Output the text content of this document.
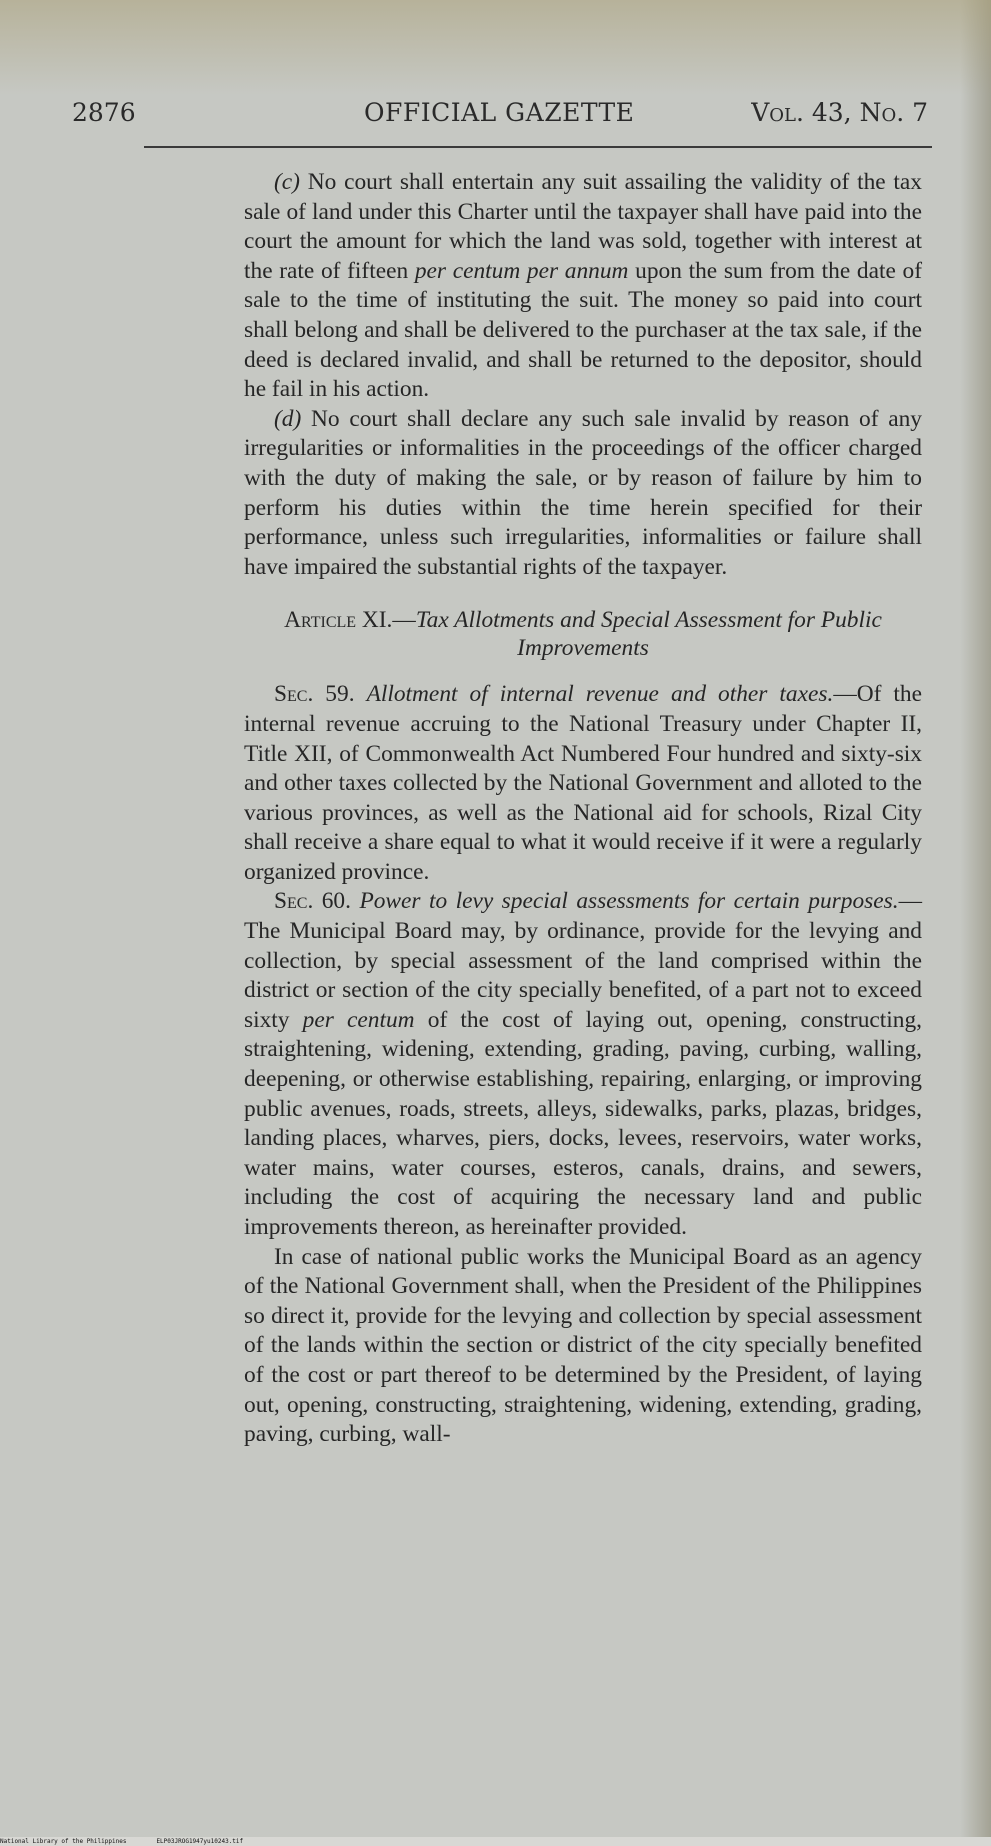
2876	OFFICIAL GAZETTE	Vol. 43, No. 7

(c) No court shall entertain any suit assailing the validity of the tax sale of land under this Charter until the taxpayer shall have paid into the court the amount for which the land was sold, together with interest at the rate of fifteen per centum per annum upon the sum from the date of sale to the time of instituting the suit. The money so paid into court shall belong and shall be delivered to the purchaser at the tax sale, if the deed is declared invalid, and shall be returned to the depositor, should he fail in his action.

(d) No court shall declare any such sale invalid by reason of any irregularities or informalities in the proceedings of the officer charged with the duty of making the sale, or by reason of failure by him to perform his duties within the time herein specified for their performance, unless such irregularities, informalities or failure shall have impaired the substantial rights of the taxpayer.

Article XI.—Tax Allotments and Special Assessment for Public Improvements

Sec. 59. Allotment of internal revenue and other taxes.—Of the internal revenue accruing to the National Treasury under Chapter II, Title XII, of Commonwealth Act Numbered Four hundred and sixty-six and other taxes collected by the National Government and alloted to the various provinces, as well as the National aid for schools, Rizal City shall receive a share equal to what it would receive if it were a regularly organized province.

Sec. 60. Power to levy special assessments for certain purposes.—The Municipal Board may, by ordinance, provide for the levying and collection, by special assessment of the land comprised within the district or section of the city specially benefited, of a part not to exceed sixty per centum of the cost of laying out, opening, constructing, straightening, widening, extending, grading, paving, curbing, walling, deepening, or otherwise establishing, repairing, enlarging, or improving public avenues, roads, streets, alleys, sidewalks, parks, plazas, bridges, landing places, wharves, piers, docks, levees, reservoirs, water works, water mains, water courses, esteros, canals, drains, and sewers, including the cost of acquiring the necessary land and public improvements thereon, as hereinafter provided.

In case of national public works the Municipal Board as an agency of the National Government shall, when the President of the Philippines so direct it, provide for the levying and collection by special assessment of the lands within the section or district of the city specially benefited of the cost or part thereof to be determined by the President, of laying out, opening, constructing, straightening, widening, extending, grading, paving, curbing, wall-

National Library of the Philippines	ELP03JROG1947yu10243.tif
